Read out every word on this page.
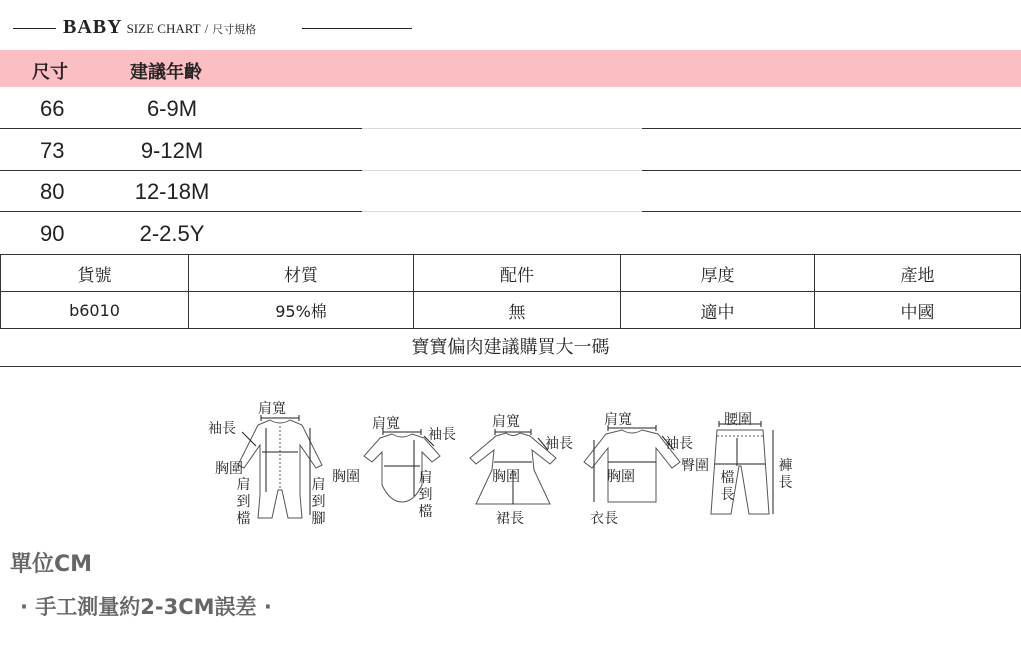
BABY SIZE CHART / 尺寸規格
尺寸	建議年齡
66	6-9M
73	9-12M
80	12-18M
90	2-2.5Y
貨號	材質	配件	厚度	產地
b6010	95%棉	無	適中	中國
寶寶偏肉建議購買大一碼
袖長
肩寬
胸圍
肩到檔
肩到腳
肩寬
袖長
胸圍	肩到檔
肩寬
袖長
胸圍
裙長
肩寬
袖長
胸圍
衣長
腰圍
臀圍
檔長
褲長
單位CM
· 手工測量約2-3CM誤差 ·
